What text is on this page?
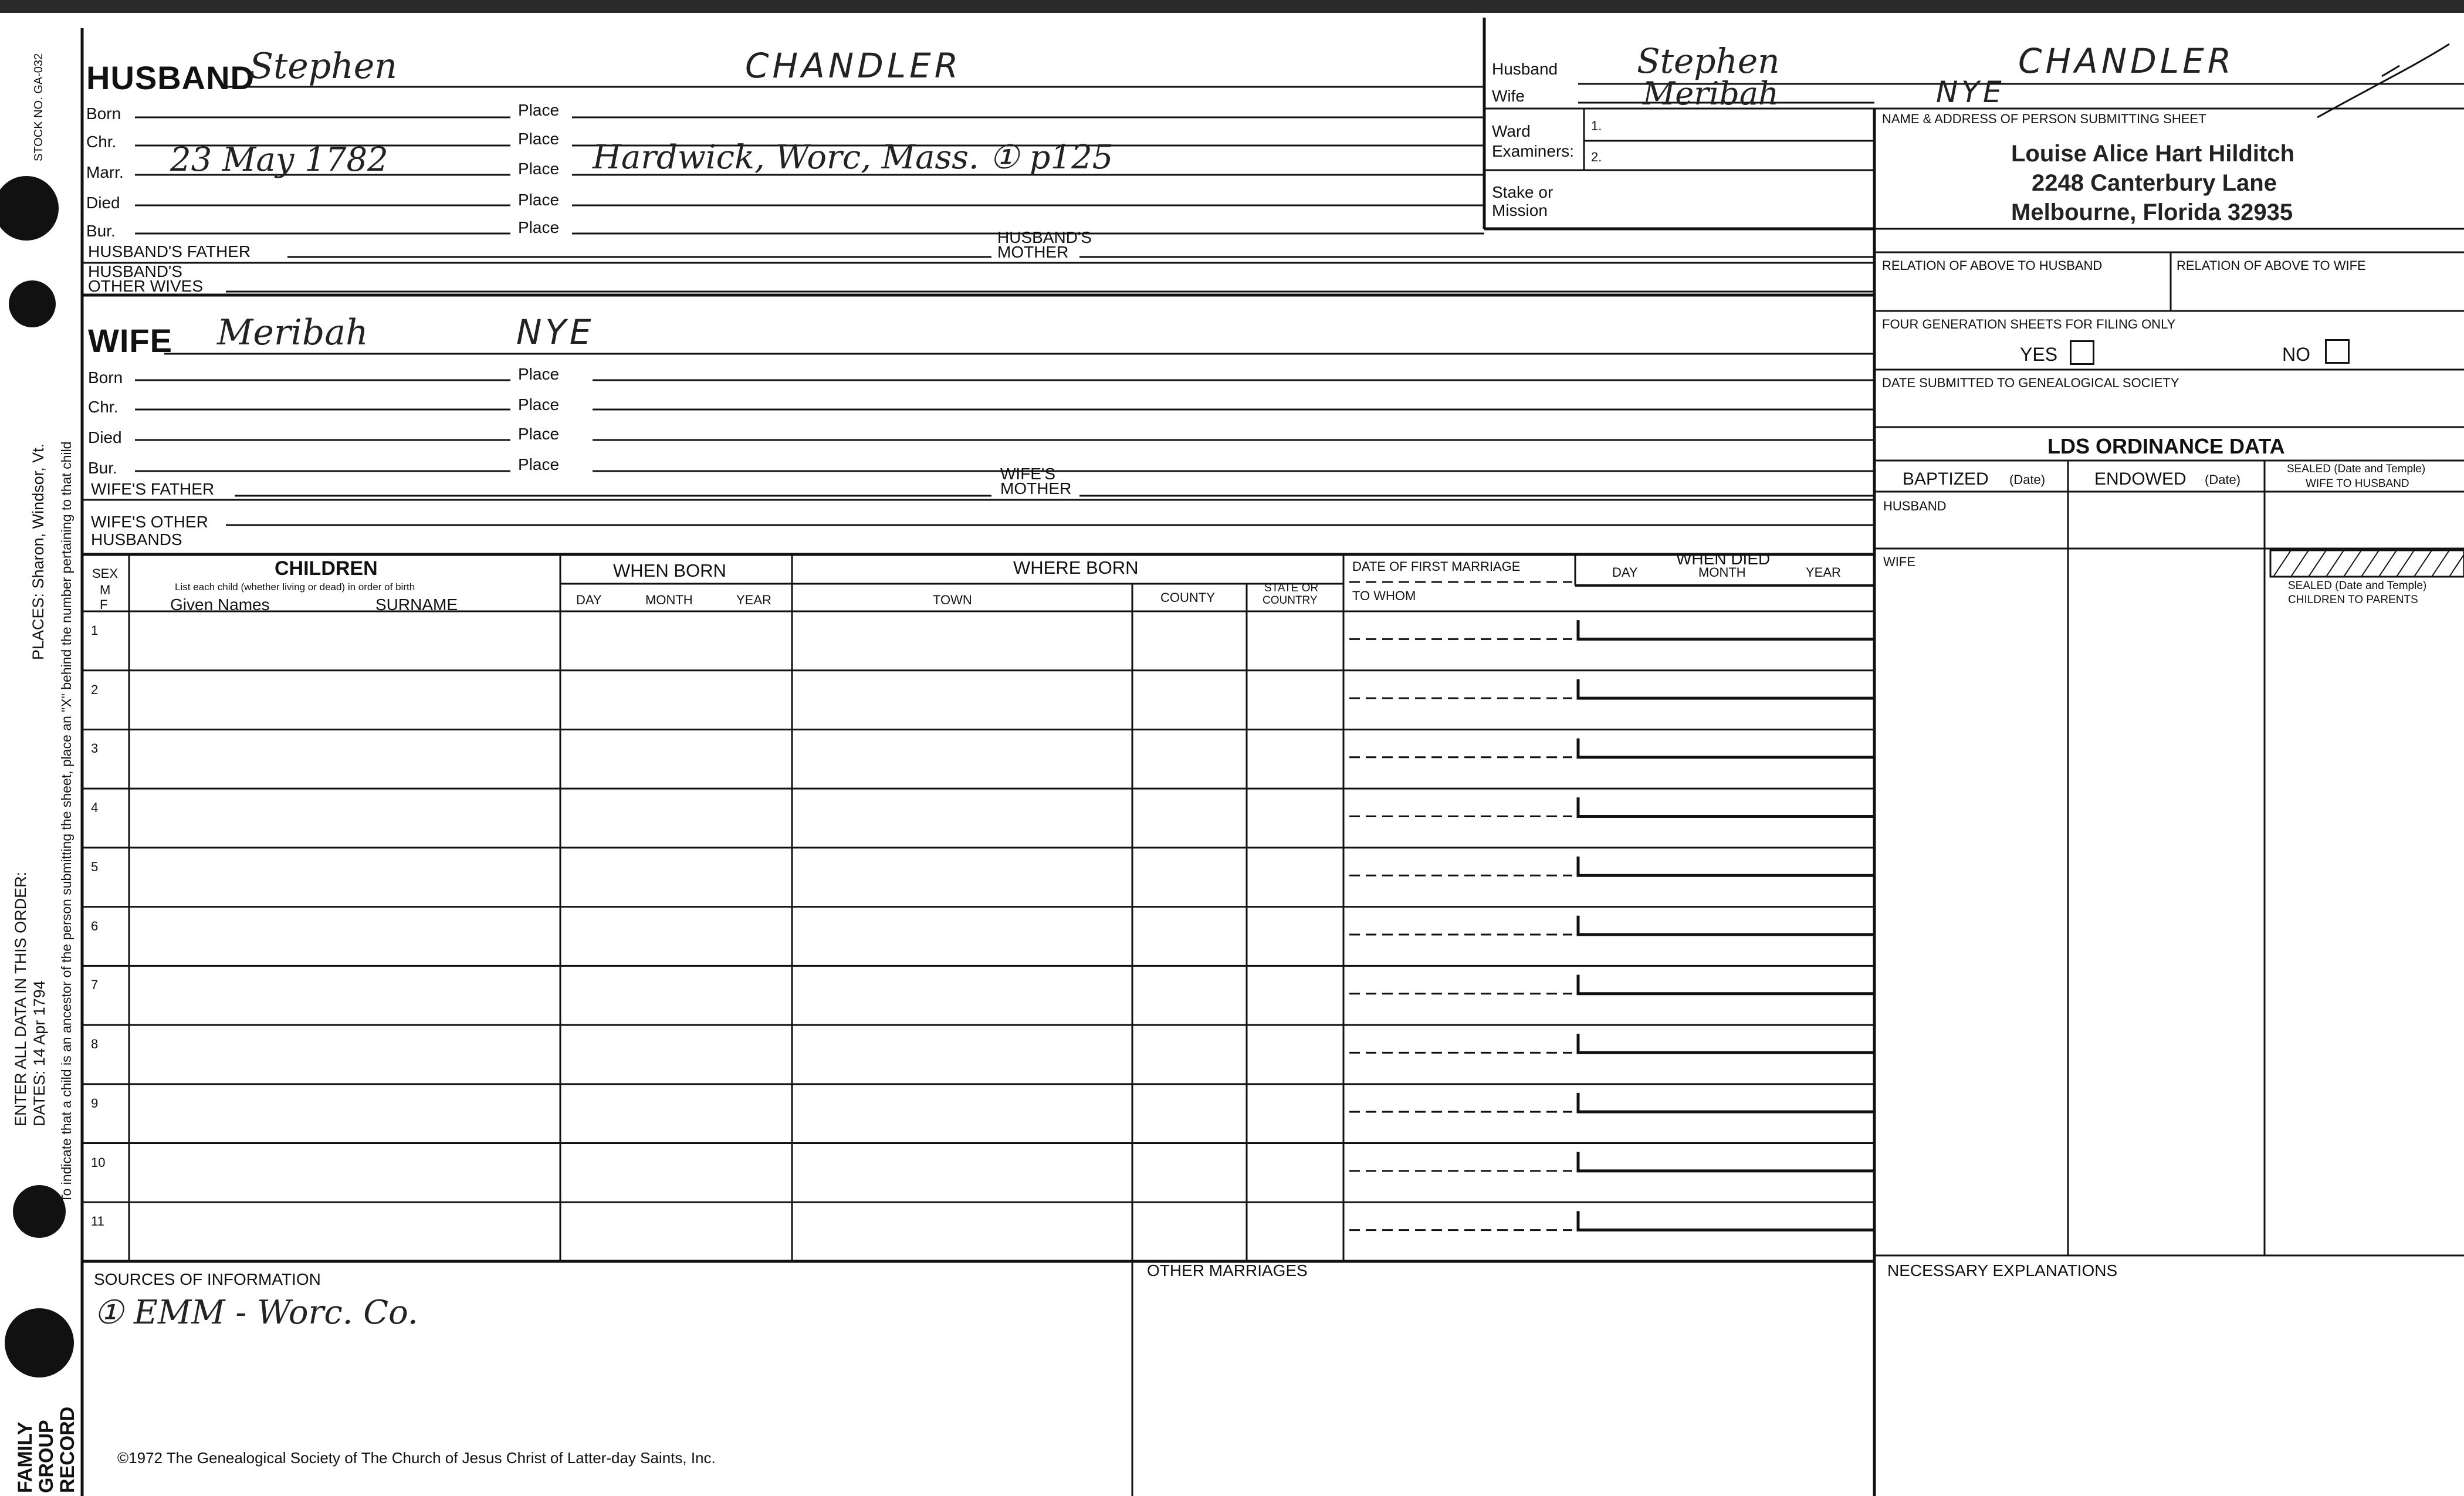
STOCK NO. GA-032
PLACES: Sharon, Windsor, Vt.
ENTER ALL DATA IN THIS ORDER: DATES: 14 Apr 1794 To indicate that a child is an ancestor of the person submitting the sheet, place an "X" behind the number pertaining to that child
FAMILY
GROUP
RECORD
HUSBAND
Stephen	CHANDLER
Born	Place
Chr.	Place
Marr.	Place
23 May 1782	Hardwick, Worc, Mass. ① p125
Died	Place
Bur.	Place
HUSBAND'S FATHER
HUSBAND'S MOTHER
HUSBAND'S OTHER WIVES
Husband Stephen	CHANDLER
Wife	Meribah	NYE
Ward
Examiners:
1.
2.
Stake or
Mission
NAME & ADDRESS OF PERSON SUBMITTING SHEET
Louise Alice Hart Hilditch
2248 Canterbury Lane
Melbourne, Florida 32935
RELATION OF ABOVE TO HUSBAND	RELATION OF ABOVE TO WIFE
FOUR GENERATION SHEETS FOR FILING ONLY
YES	NO
DATE SUBMITTED TO GENEALOGICAL SOCIETY
LDS ORDINANCE DATA
BAPTIZED (Date)	ENDOWED (Date)
SEALED (Date and Temple)
WIFE TO HUSBAND
HUSBAND
WIFE
SEALED (Date and Temple)
CHILDREN TO PARENTS
WIFE Meribah	NYE
Born	Place
Chr.	Place
Died	Place
Bur.	Place
WIFE'S FATHER
WIFE'S MOTHER
WIFE'S OTHER HUSBANDS
SEX
M
F
CHILDREN
List each child (whether living or dead) in order of birth
Given Names	SURNAME
WHEN BORN
DAY	MONTH	YEAR
WHERE BORN
TOWN	COUNTY
STATE OR
COUNTRY
DATE OF FIRST MARRIAGE
TO WHOM
WHEN DIED
DAY	MONTH	YEAR
1
2
3
4
5
6
7
8
9
10
11
SOURCES OF INFORMATION
① EMM - Worc. Co.
OTHER MARRIAGES	NECESSARY EXPLANATIONS
©1972 The Genealogical Society of The Church of Jesus Christ of Latter-day Saints, Inc.
